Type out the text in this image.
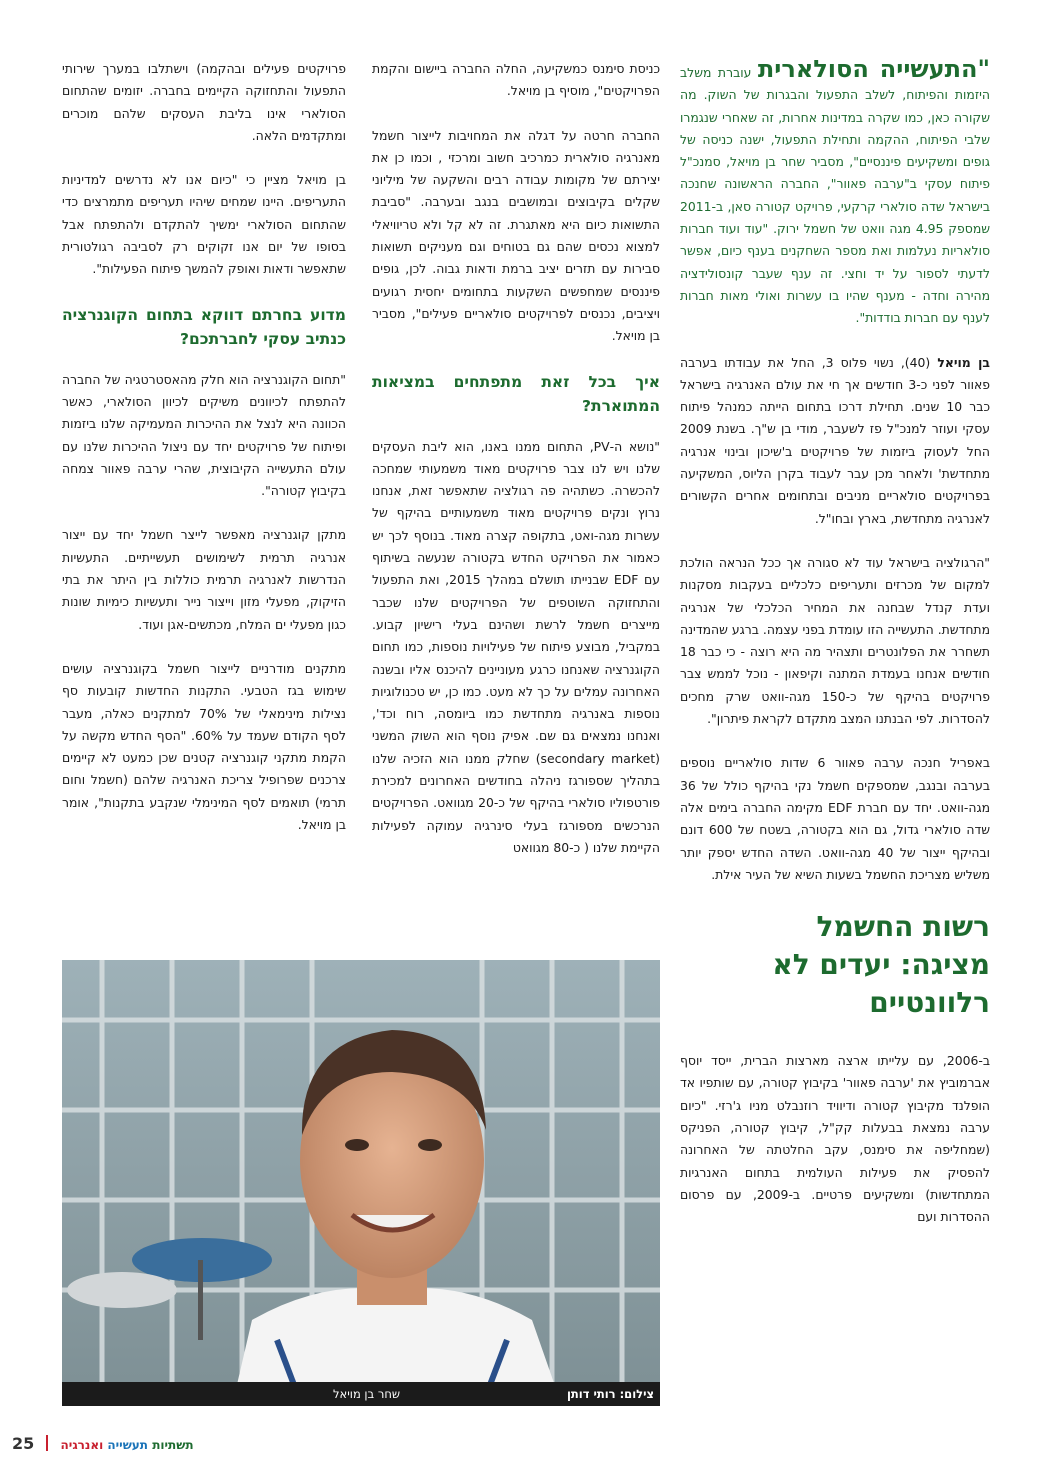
"התעשייה הסולארית עוברת משלב היזמות והפיתוח, לשלב התפעול והבגרות של השוק. מה שקורה כאן, כמו שקרה במדינות אחרות, זה שאחרי שנגמרו שלבי הפיתוח, ההקמה ותחילת התפעול, ישנה כניסה של גופים ומשקיעים פיננסיים", מסביר שחר בן מויאל, סמנכ"ל פיתוח עסקי ב"ערבה פאוור", החברה הראשונה שחנכה בישראל שדה סולארי קרקעי, פרויקט קטורה סאן, ב-2011 שמספק 4.95 מגה וואט של חשמל ירוק. "עוד ועוד חברות סולאריות נעלמות ואת מספר השחקנים בענף כיום, אפשר לדעתי לספור על יד וחצי. זה ענף שעבר קונסולידציה מהירה וחדה - מענף שהיו בו עשרות ואולי מאות חברות לענף עם חברות בודדות".

בן מויאל (40), נשוי פלוס 3, החל את עבודתו בערבה פאוור לפני כ-3 חודשים אך חי את עולם האנרגיה בישראל כבר 10 שנים. תחילת דרכו בתחום הייתה כמנהל פיתוח עסקי ועוזר למנכ"ל פז לשעבר, מודי בן ש"ך. בשנת 2009 החל לעסוק ביזמות של פרויקטים ב'שיכון ובינוי אנרגיה מתחדשת' ולאחר מכן עבר לעבוד בקרן הליוס, המשקיעה בפרויקטים סולאריים מניבים ובתחומים אחרים הקשורים לאנרגיה מתחדשת, בארץ ובחו"ל.

"הרגולציה בישראל עוד לא סגורה אך ככל הנראה הולכת למקום של מכרזים ותעריפים כלכליים בעקבות מסקנות ועדת קנדל שבחנה את המחיר הכלכלי של אנרגיה מתחדשת. התעשייה הזו עומדת בפני עצמה. ברגע שהמדינה תשחרר את הפלונטרים ותצהיר מה היא רוצה - כי כבר 18 חודשים אנחנו בעמדת המתנה וקיפאון - נוכל לממש צבר פרויקטים בהיקף של כ-150 מגה-וואט שרק מחכים להסדרות. לפי הבנתנו המצב מתקדם לקראת פיתרון".

באפריל חנכה ערבה פאוור 6 שדות סולאריים נוספים בערבה ובנגב, שמספקים חשמל נקי בהיקף כולל של 36 מגה-וואט. יחד עם חברת EDF מקימה החברה בימים אלה שדה סולארי גדול, גם הוא בקטורה, בשטח של 600 דונם ובהיקף ייצור של 40 מגה-וואט. השדה החדש יספק יותר משליש מצריכת החשמל בשעות השיא של העיר אילת.

רשות החשמל מציגה: יעדים לא רלוונטיים

ב-2006, עם עלייתו ארצה מארצות הברית, ייסד יוסף אברמוביץ את 'ערבה פאוור' בקיבוץ קטורה, עם שותפיו אד הופלנד מקיבוץ קטורה ודיוויד רוזנבלט מניו ג'רזי. "כיום ערבה נמצאת בבעלות קק"ל, קיבוץ קטורה, הפניקס (שמחליפה את סימנס, עקב החלטתה של האחרונה להפסיק את פעילות העולמית בתחום האנרגיות המתחדשות) ומשקיעים פרטיים. ב-2009, עם פרסום ההסדרות ועם

כניסת סימנס כמשקיעה, החלה החברה ביישום והקמת הפרויקטים", מוסיף בן מויאל.

החברה חרטה על דגלה את המחויבות לייצור חשמל מאנרגיה סולארית כמרכיב חשוב ומרכזי , וכמו כן את יצירתם של מקומות עבודה רבים והשקעה של מיליוני שקלים בקיבוצים ובמושבים בנגב ובערבה. "סביבת התשואות כיום היא מאתגרת. זה לא קל ולא טריוויאלי למצוא נכסים שהם גם בטוחים וגם מעניקים תשואות סבירות עם תזרים יציב ברמת ודאות גבוה. לכן, גופים פיננסים שמחפשים השקעות בתחומים יחסית רגועים ויציבים, נכנסים לפרויקטים סולאריים פעילים", מסביר בן מויאל.

איך בכל זאת מתפתחים במציאות המתוארת?

"נושא ה-PV, התחום ממנו באנו, הוא ליבת העסקים שלנו ויש לנו צבר פרויקטים מאוד משמעותי שמחכה להכשרה. כשתהיה פה רגולציה שתאפשר זאת, אנחנו נרוץ ונקים פרויקטים מאוד משמעותיים בהיקף של עשרות מגה-ואט, בתקופה קצרה מאוד. בנוסף לכך יש כאמור את הפרויקט החדש בקטורה שנעשה בשיתוף עם EDF שבנייתו תושלם במהלך 2015, ואת התפעול והתחזוקה השוטפים של הפרויקטים שלנו שכבר מייצרים חשמל לרשת ושהינם בעלי רישיון קבוע. במקביל, מבוצע פיתוח של פעילויות נוספות, כמו תחום הקוגנרציה שאנחנו כרגע מעוניינים להיכנס אליו ובשנה האחרונה עמלים על כך לא מעט. כמו כן, יש טכנולוגיות נוספות באנרגיה מתחדשת כמו ביומסה, רוח וכד', ואנחנו נמצאים גם שם. אפיק נוסף הוא השוק המשני (secondary market) שחלק ממנו הוא הזכיה שלנו בתהליך שספורגז ניהלה בחודשים האחרונים למכירת פורטפוליו סולארי בהיקף של כ-20 מגוואט. הפרויקטים הנרכשים מספורגז בעלי סינרגיה עמוקה לפעילות הקיימת שלנו ( כ-80 מגוואט

פרויקטים פעילים ובהקמה) וישתלבו במערך שירותי התפעול והתחזוקה הקיימים בחברה. יזומים שהתחום הסולארי אינו בליבת העסקים שלהם מוכרים ומתקדמים הלאה.

בן מויאל מציין כי "כיום אנו לא נדרשים למדיניות התעריפים. היינו שמחים שיהיו תעריפים מתמרצים כדי שהתחום הסולארי ימשיך להתקדם ולהתפתח אבל בסופו של יום אנו זקוקים רק לסביבה רגולטורית שתאפשר ודאות ואופק להמשך פיתוח הפעילות".

מדוע בחרתם דווקא בתחום הקוגנרציה כנתיב עסקי לחברתכם?

"תחום הקוגנרציה הוא חלק מהאסטרטגיה של החברה להתפתח לכיוונים משיקים לכיוון הסולארי, כאשר הכוונה היא לנצל את ההיכרות המעמיקה שלנו ביזמות ופיתוח של פרויקטים יחד עם ניצול ההיכרות שלנו עם עולם התעשייה הקיבוצית, שהרי ערבה פאוור צמחה בקיבוץ קטורה".

מתקן קוגנרציה מאפשר לייצר חשמל יחד עם ייצור אנרגיה תרמית לשימושים תעשייתיים. התעשיות הנדרשות לאנרגיה תרמית כוללות בין היתר את בתי הזיקוק, מפעלי מזון וייצור נייר ותעשיות כימיות שונות כגון מפעלי ים המלח, מכתשים-אגן ועוד.

מתקנים מודרניים לייצור חשמל בקוגנרציה עושים שימוש בגז הטבעי. התקנות החדשות קובעות סף נצילות מינימאלי של 70% למתקנים כאלה, מעבר לסף הקודם שעמד על 60%. "הסף החדש מקשה על הקמת מתקני קוגנרציה קטנים שכן כמעט לא קיימים צרכנים שפרופיל צריכת האנרגיה שלהם (חשמל וחום תרמי) תואמים לסף המינימלי שנקבע בתקנות", אומר בן מויאל.

שחר בן מויאל	צילום: רותי דותן
25	תשתיות תעשייה ואנרגיה
